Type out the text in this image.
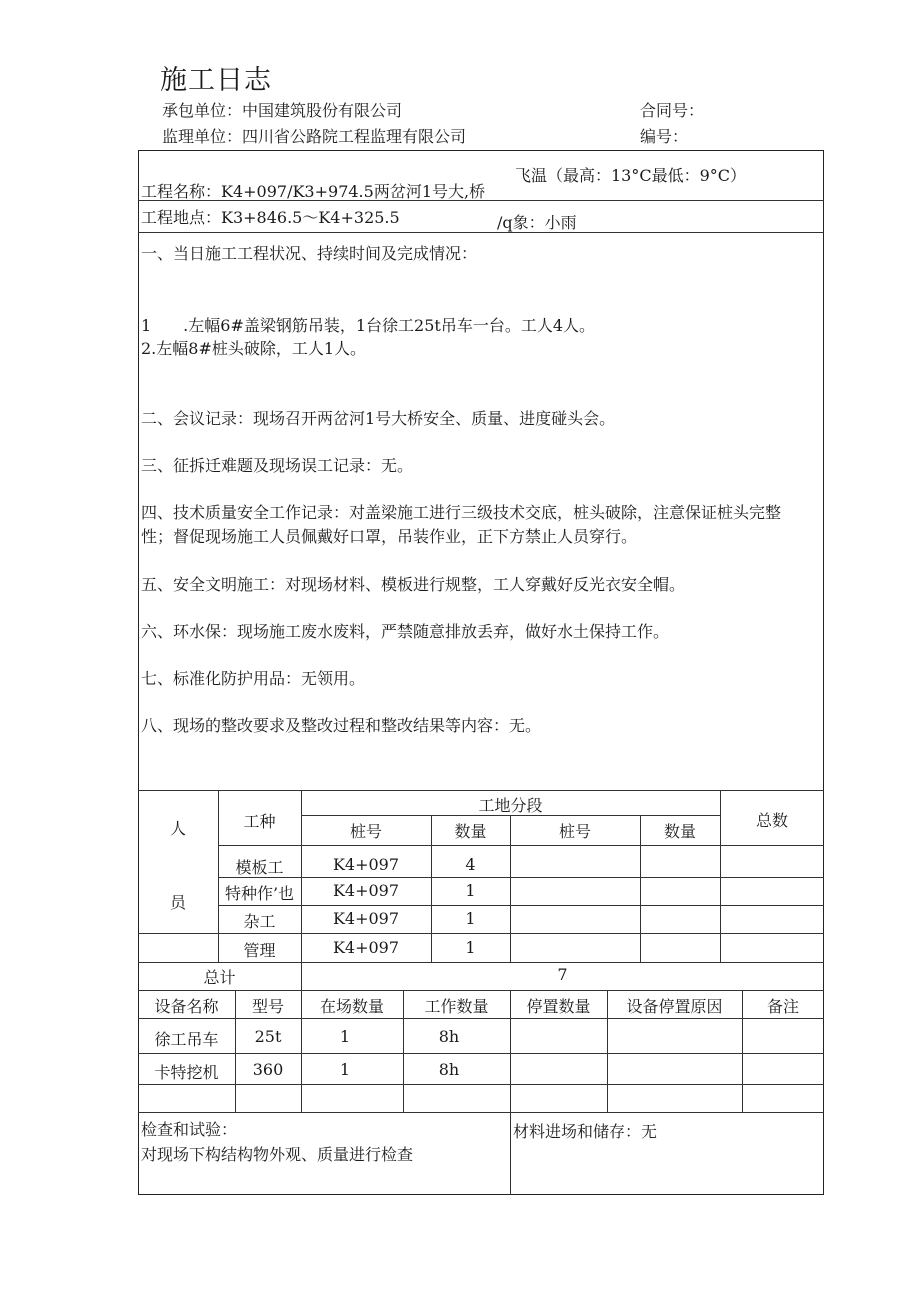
施工日志
承包单位：中国建筑股份有限公司
监理单位：四川省公路院工程监理有限公司
合同号：
编号：
工程名称：K4+097/K3+974.5两岔河1号大,桥
飞温（最高：13°C最低：9°C）
工程地点：K3+846.5～K4+325.5	/q象：小雨
一、当日施工工程状况、持续时间及完成情况：
1　　.左幅6#盖梁钢筋吊装，1台徐工25t吊车一台。工人4人。
2.左幅8#桩头破除，工人1人。
二、会议记录：现场召开两岔河1号大桥安全、质量、进度碰头会。
三、征拆迁难题及现场误工记录：无。
四、技术质量安全工作记录：对盖梁施工进行三级技术交底，桩头破除，注意保证桩头完整
性；督促现场施工人员佩戴好口罩，吊装作业，正下方禁止人员穿行。
五、安全文明施工：对现场材料、模板进行规整，工人穿戴好反光衣安全帽。
六、环水保：现场施工废水废料，严禁随意排放丢弃，做好水土保持工作。
七、标准化防护用品：无领用。
八、现场的整改要求及整改过程和整改结果等内容：无。
人
员
工种
工地分段
桩号	数量	桩号	数量
总数
模板工	K4+097	4
特种作’也	K4+097	1
杂工	K4+097	1
管理	K4+097	1
总计	7
设备名称	型号	在场数量	工作数量	停置数量	设备停置原因	备注
徐工吊车	25t	1	8h
卡特挖机	360	1	8h
检查和试验：
对现场下构结构物外观、质量进行检查
材料进场和储存：无
